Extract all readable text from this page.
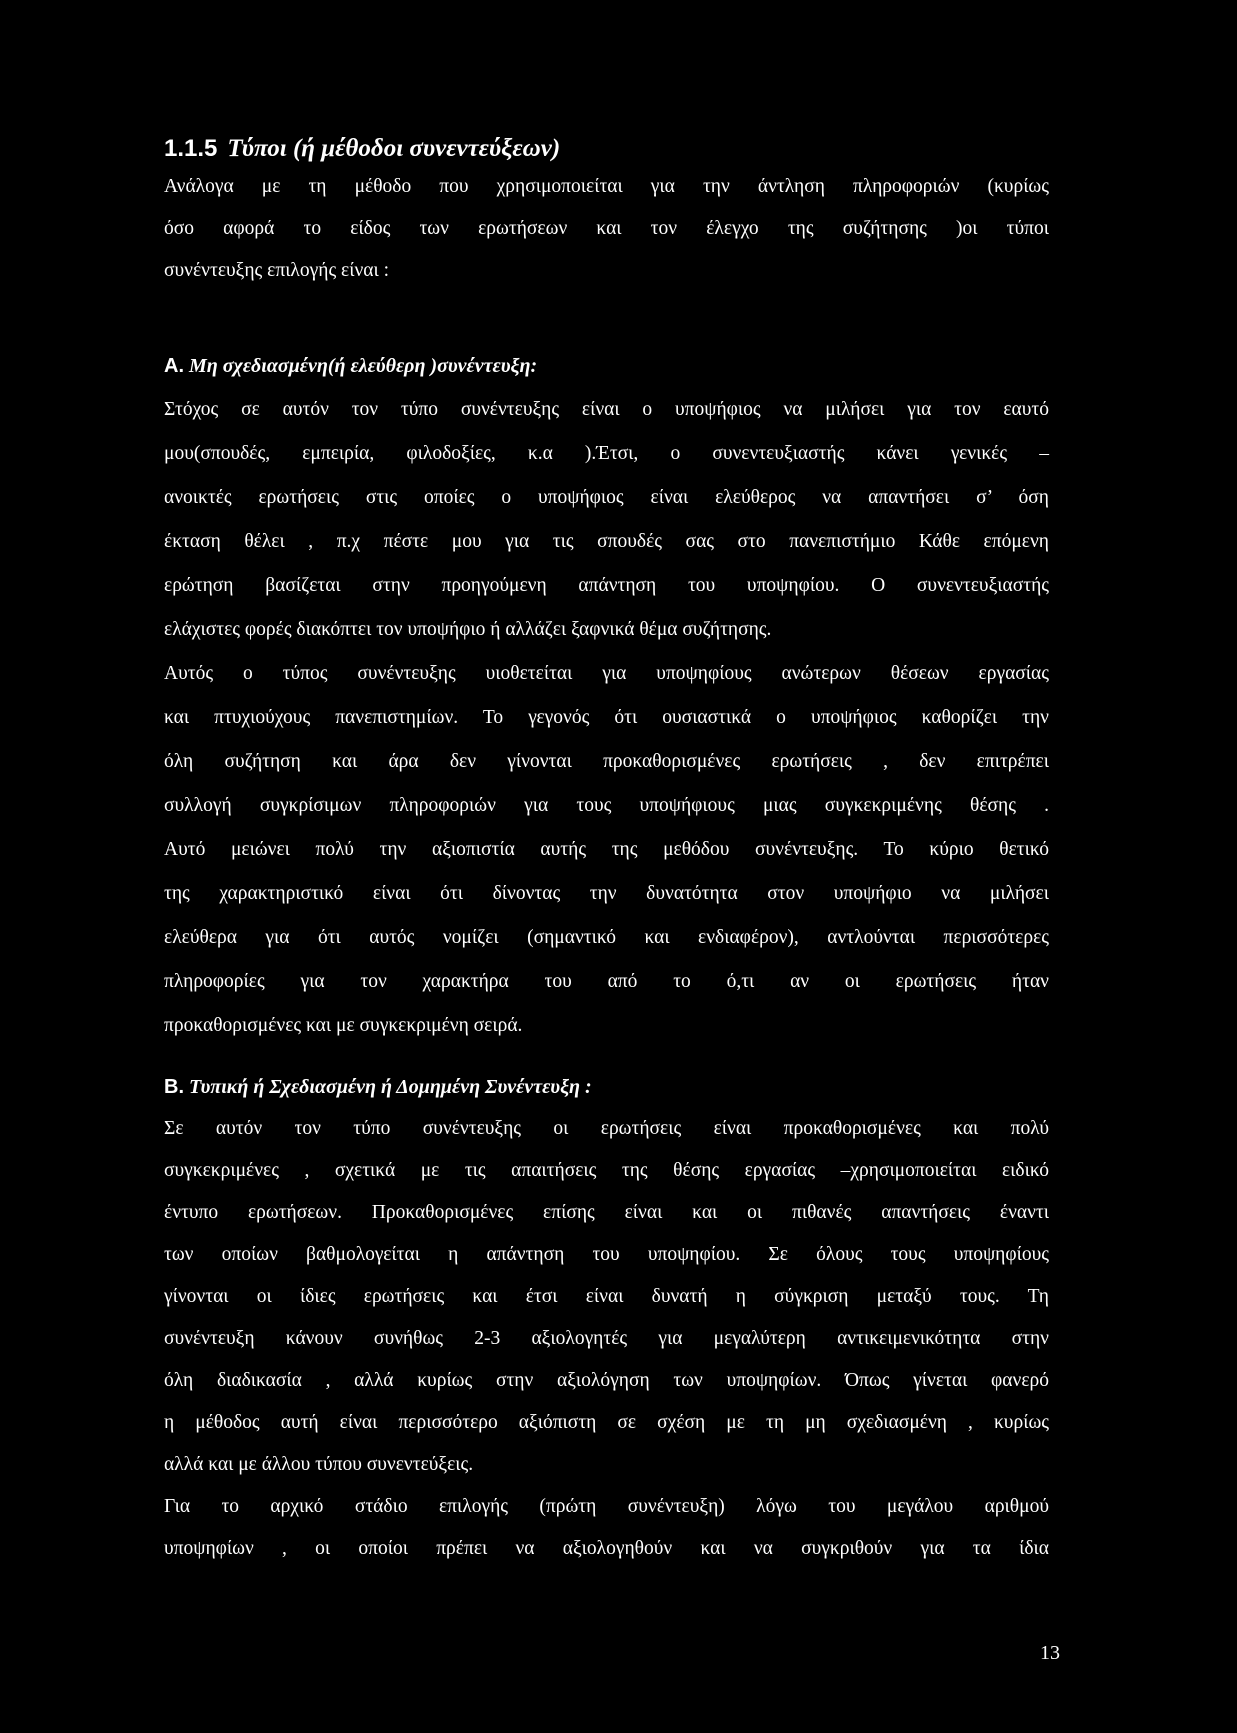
1.1.5 Τύποι (ή μέθοδοι συνεντεύξεων)
Ανάλογα με τη μέθοδο που χρησιμοποιείται για την άντληση πληροφοριών (κυρίως
όσο αφορά το είδος των ερωτήσεων και τον έλεγχο της συζήτησης )οι τύποι
συνέντευξης επιλογής είναι :
Α. Μη σχεδιασμένη(ή ελεύθερη )συνέντευξη:
Στόχος σε αυτόν τον τύπο συνέντευξης είναι ο υποψήφιος να μιλήσει για τον εαυτό
μου(σπουδές, εμπειρία, φιλοδοξίες, κ.α ).Έτσι, ο συνεντευξιαστής κάνει γενικές –
ανοικτές ερωτήσεις στις οποίες ο υποψήφιος είναι ελεύθερος να απαντήσει σ’ όση
έκταση θέλει , π.χ πέστε μου για τις σπουδές σας στο πανεπιστήμιο Κάθε επόμενη
ερώτηση βασίζεται στην προηγούμενη απάντηση του υποψηφίου. Ο συνεντευξιαστής
ελάχιστες φορές διακόπτει τον υποψήφιο ή αλλάζει ξαφνικά θέμα συζήτησης.
Αυτός ο τύπος συνέντευξης υιοθετείται για υποψηφίους ανώτερων θέσεων εργασίας
και πτυχιούχους πανεπιστημίων. Το γεγονός ότι ουσιαστικά ο υποψήφιος καθορίζει την
όλη συζήτηση και άρα δεν γίνονται προκαθορισμένες ερωτήσεις , δεν επιτρέπει
συλλογή συγκρίσιμων πληροφοριών για τους υποψήφιους μιας συγκεκριμένης θέσης .
Αυτό μειώνει πολύ την αξιοπιστία αυτής της μεθόδου συνέντευξης. Το κύριο θετικό
της χαρακτηριστικό είναι ότι δίνοντας την δυνατότητα στον υποψήφιο να μιλήσει
ελεύθερα για ότι αυτός νομίζει (σημαντικό και ενδιαφέρον), αντλούνται περισσότερες
πληροφορίες για τον χαρακτήρα του από το ό,τι αν οι ερωτήσεις ήταν
προκαθορισμένες και με συγκεκριμένη σειρά.
Β. Τυπική ή Σχεδιασμένη ή Δομημένη Συνέντευξη :
Σε αυτόν τον τύπο συνέντευξης οι ερωτήσεις είναι προκαθορισμένες και πολύ
συγκεκριμένες , σχετικά με τις απαιτήσεις της θέσης εργασίας –χρησιμοποιείται ειδικό
έντυπο ερωτήσεων. Προκαθορισμένες επίσης είναι και οι πιθανές απαντήσεις έναντι
των οποίων βαθμολογείται η απάντηση του υποψηφίου. Σε όλους τους υποψηφίους
γίνονται οι ίδιες ερωτήσεις και έτσι είναι δυνατή η σύγκριση μεταξύ τους. Τη
συνέντευξη κάνουν συνήθως 2-3 αξιολογητές για μεγαλύτερη αντικειμενικότητα στην
όλη διαδικασία , αλλά κυρίως στην αξιολόγηση των υποψηφίων. Όπως γίνεται φανερό
η μέθοδος αυτή είναι περισσότερο αξιόπιστη σε σχέση με τη μη σχεδιασμένη , κυρίως
αλλά και με άλλου τύπου συνεντεύξεις.
Για το αρχικό στάδιο επιλογής (πρώτη συνέντευξη) λόγω του μεγάλου αριθμού
υποψηφίων , οι οποίοι πρέπει να αξιολογηθούν και να συγκριθούν για τα ίδια
13
